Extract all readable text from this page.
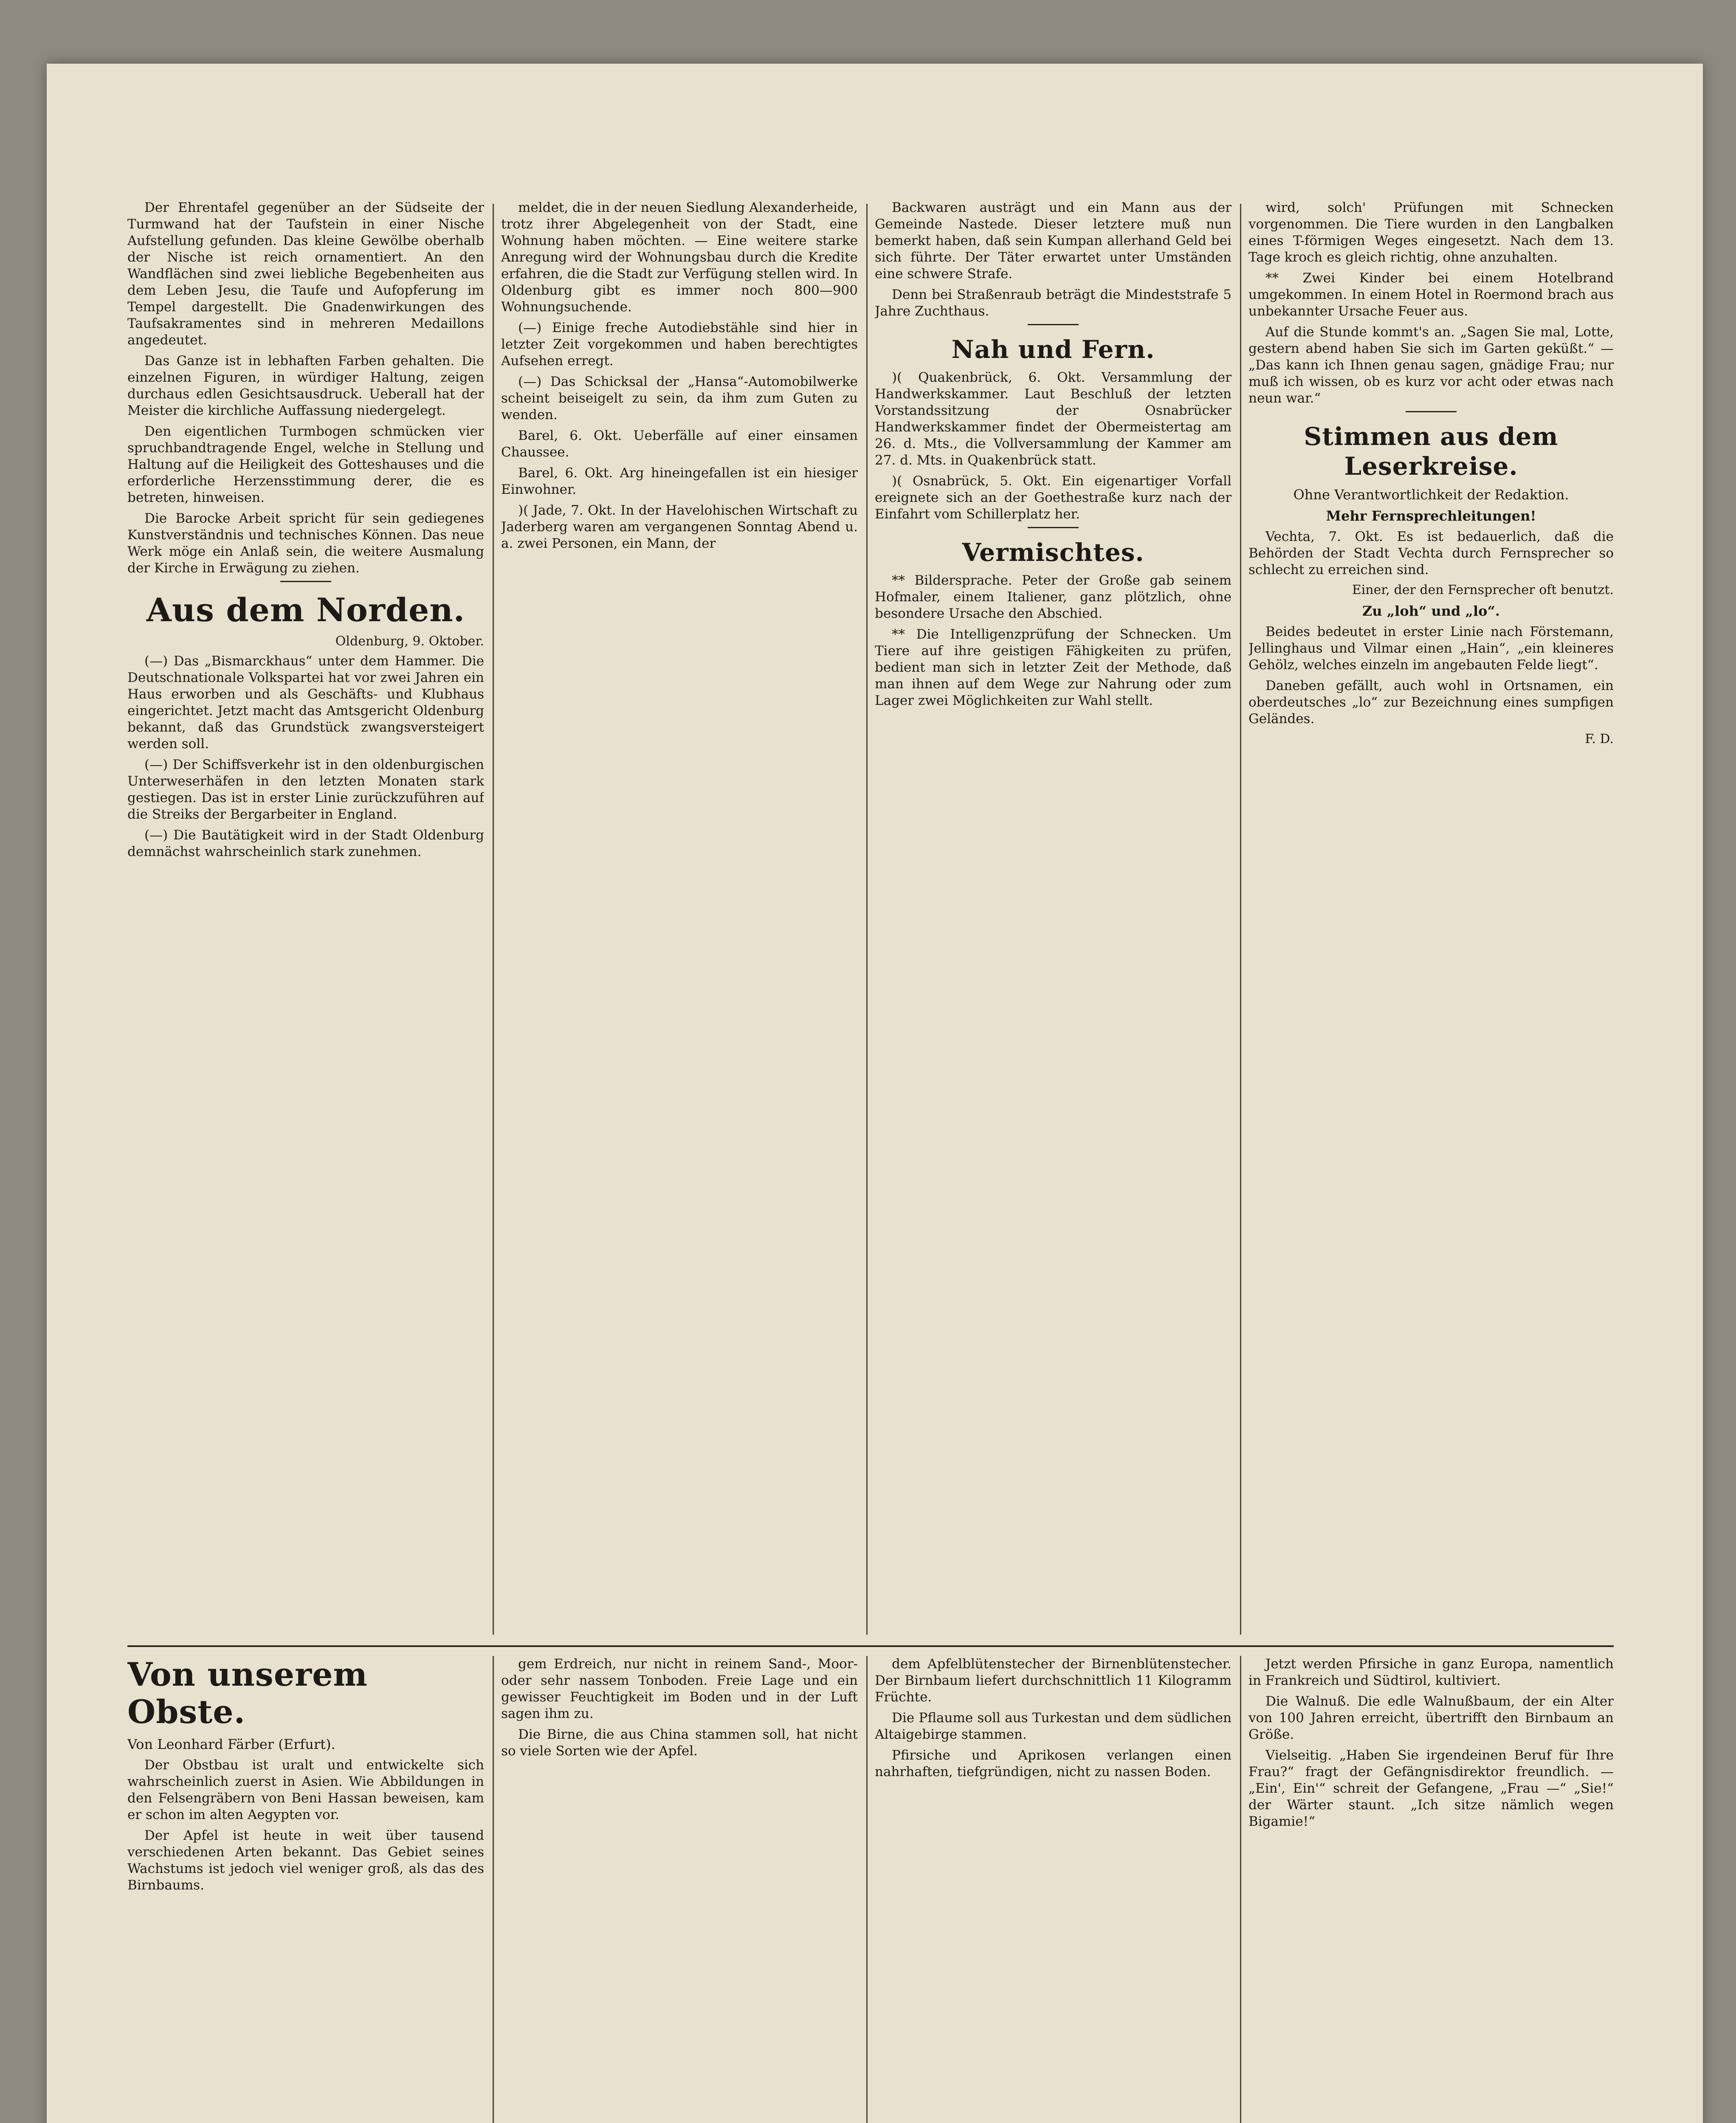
Der Ehrentafel gegenüber an der Südseite der Turmwand hat der Taufstein in einer Nische Aufstellung gefunden. Das kleine Gewölbe oberhalb der Nische ist reich ornamentiert. An den Wandflächen sind zwei liebliche Begebenheiten aus dem Leben Jesu, die Taufe und Aufopferung im Tempel dargestellt. Die Gnadenwirkungen des Taufsakramentes sind in mehreren Medaillons angedeutet.

Das Ganze ist in lebhaften Farben gehalten. Die einzelnen Figuren, in würdiger Haltung, zeigen durchaus edlen Gesichtsausdruck. Ueberall hat der Meister die kirchliche Auffassung niedergelegt.

Den eigentlichen Turmbogen schmücken vier spruchbandtragende Engel, welche in Stellung und Haltung auf die Heiligkeit des Gotteshauses und die erforderliche Herzensstimmung derer, die es betreten, hinweisen.

Die Barocke Arbeit spricht für sein gediegenes Kunstverständnis und technisches Können. Das neue Werk möge ein Anlaß sein, die weitere Ausmalung der Kirche in Erwägung zu ziehen.

Aus dem Norden.
Oldenburg, 9. Oktober.

(—) Das „Bismarckhaus“ unter dem Hammer. Die Deutschnationale Volkspartei hat vor zwei Jahren ein Haus erworben und als Geschäfts- und Klubhaus eingerichtet. Jetzt macht das Amtsgericht Oldenburg bekannt, daß das Grundstück zwangsversteigert werden soll.

(—) Der Schiffsverkehr ist in den oldenburgischen Unterweserhäfen in den letzten Monaten stark gestiegen. Das ist in erster Linie zurückzuführen auf die Streiks der Bergarbeiter in England.

(—) Die Bautätigkeit wird in der Stadt Oldenburg demnächst wahrscheinlich stark zunehmen.

meldet, die in der neuen Siedlung Alexanderheide, trotz ihrer Abgelegenheit von der Stadt, eine Wohnung haben möchten. — Eine weitere starke Anregung wird der Wohnungsbau durch die Kredite erfahren, die die Stadt zur Verfügung stellen wird. In Oldenburg gibt es immer noch 800—900 Wohnungsuchende.

(—) Einige freche Autodiebstähle sind hier in letzter Zeit vorgekommen und haben berechtigtes Aufsehen erregt.

(—) Das Schicksal der „Hansa“-Automobilwerke scheint beiseigelt zu sein, da ihm zum Guten zu wenden.

Barel, 6. Okt. Ueberfälle auf einer einsamen Chaussee.

Barel, 6. Okt. Arg hineingefallen ist ein hiesiger Einwohner.

)( Jade, 7. Okt. In der Havelohischen Wirtschaft zu Jaderberg waren am vergangenen Sonntag Abend u. a. zwei Personen, ein Mann, der

Backwaren austrägt und ein Mann aus der Gemeinde Nastede. Dieser letztere muß nun bemerkt haben, daß sein Kumpan allerhand Geld bei sich führte. Der Täter erwartet unter Umständen eine schwere Strafe.

Denn bei Straßenraub beträgt die Mindeststrafe 5 Jahre Zuchthaus.

Nah und Fern.

)( Quakenbrück, 6. Okt. Versammlung der Handwerkskammer. Laut Beschluß der letzten Vorstandssitzung der Osnabrücker Handwerkskammer findet der Obermeistertag am 26. d. Mts., die Vollversammlung der Kammer am 27. d. Mts. in Quakenbrück statt.

)( Osnabrück, 5. Okt. Ein eigenartiger Vorfall ereignete sich an der Goethestraße kurz nach der Einfahrt vom Schillerplatz her.

Vermischtes.

** Bildersprache. Peter der Große gab seinem Hofmaler, einem Italiener, ganz plötzlich, ohne besondere Ursache den Abschied.

** Die Intelligenzprüfung der Schnecken. Um Tiere auf ihre geistigen Fähigkeiten zu prüfen, bedient man sich in letzter Zeit der Methode, daß man ihnen auf dem Wege zur Nahrung oder zum Lager zwei Möglichkeiten zur Wahl stellt.

wird, solch' Prüfungen mit Schnecken vorgenommen. Die Tiere wurden in den Langbalken eines T-förmigen Weges eingesetzt. Nach dem 13. Tage kroch es gleich richtig, ohne anzuhalten.

** Zwei Kinder bei einem Hotelbrand umgekommen. In einem Hotel in Roermond brach aus unbekannter Ursache Feuer aus.

Auf die Stunde kommt's an. „Sagen Sie mal, Lotte, gestern abend haben Sie sich im Garten geküßt.“ — „Das kann ich Ihnen genau sagen, gnädige Frau; nur muß ich wissen, ob es kurz vor acht oder etwas nach neun war.“

Stimmen aus dem Leserkreise.
Ohne Verantwortlichkeit der Redaktion.
Mehr Fernsprechleitungen!

Vechta, 7. Okt. Es ist bedauerlich, daß die Behörden der Stadt Vechta durch Fernsprecher so schlecht zu erreichen sind.

Einer, der den Fernsprecher oft benutzt.
Zu „loh“ und „lo“.

Beides bedeutet in erster Linie nach Förstemann, Jellinghaus und Vilmar einen „Hain“, „ein kleineres Gehölz, welches einzeln im angebauten Felde liegt“.

Daneben gefällt, auch wohl in Ortsnamen, ein oberdeutsches „lo“ zur Bezeichnung eines sumpfigen Geländes.

F. D.
Von unserem Obste.
Von Leonhard Färber (Erfurt).

Der Obstbau ist uralt und entwickelte sich wahrscheinlich zuerst in Asien. Wie Abbildungen in den Felsengräbern von Beni Hassan beweisen, kam er schon im alten Aegypten vor.

Der Apfel ist heute in weit über tausend verschiedenen Arten bekannt. Das Gebiet seines Wachstums ist jedoch viel weniger groß, als das des Birnbaums.

gem Erdreich, nur nicht in reinem Sand-, Moor- oder sehr nassem Tonboden. Freie Lage und ein gewisser Feuchtigkeit im Boden und in der Luft sagen ihm zu.

Die Birne, die aus China stammen soll, hat nicht so viele Sorten wie der Apfel.

dem Apfelblütenstecher der Birnenblütenstecher. Der Birnbaum liefert durchschnittlich 11 Kilogramm Früchte.

Die Pflaume soll aus Turkestan und dem südlichen Altaigebirge stammen.

Pfirsiche und Aprikosen verlangen einen nahrhaften, tiefgründigen, nicht zu nassen Boden.

Jetzt werden Pfirsiche in ganz Europa, namentlich in Frankreich und Südtirol, kultiviert.

Die Walnuß. Die edle Walnußbaum, der ein Alter von 100 Jahren erreicht, übertrifft den Birnbaum an Größe.

Vielseitig. „Haben Sie irgendeinen Beruf für Ihre Frau?“ fragt der Gefängnisdirektor freundlich. — „Ein', Ein'“ schreit der Gefangene, „Frau —“ „Sie!“ der Wärter staunt. „Ich sitze nämlich wegen Bigamie!“
